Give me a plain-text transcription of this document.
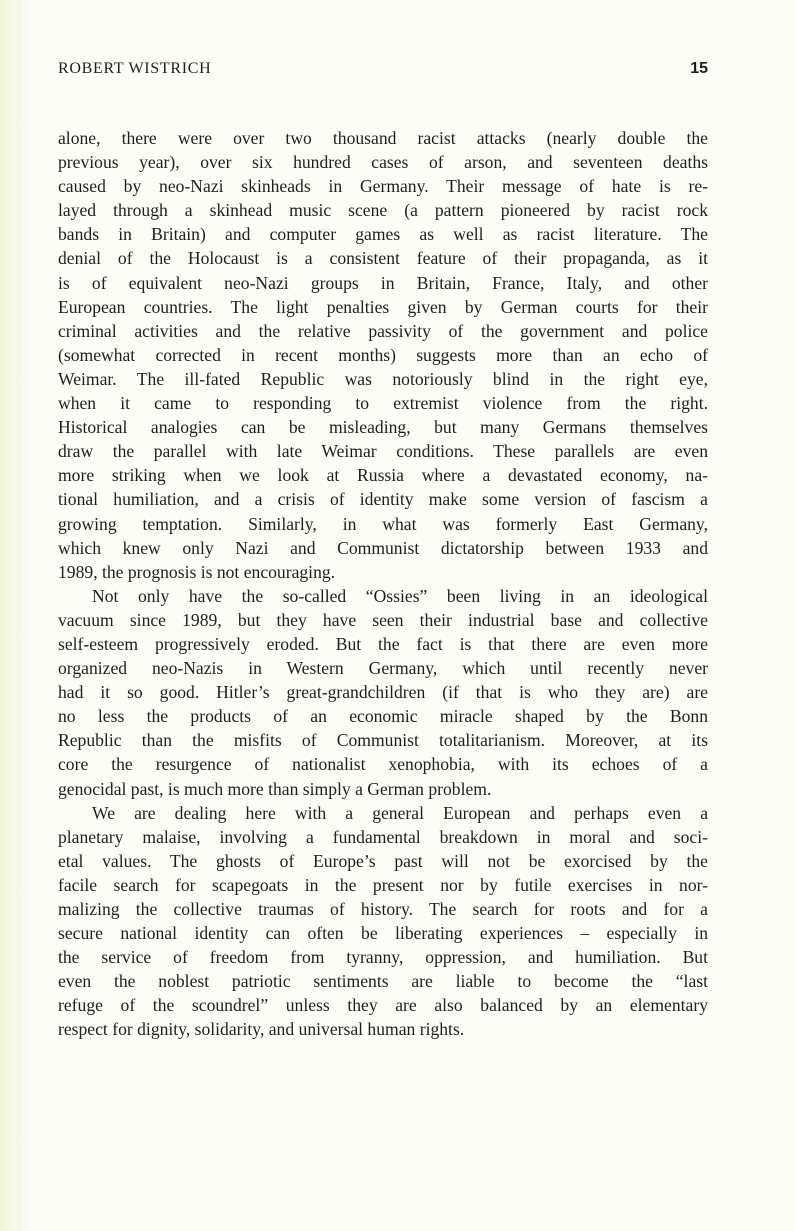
ROBERT WISTRICH	15
alone, there were over two thousand racist attacks (nearly double the
previous year), over six hundred cases of arson, and seventeen deaths
caused by neo-Nazi skinheads in Germany. Their message of hate is re-
layed through a skinhead music scene (a pattern pioneered by racist rock
bands in Britain) and computer games as well as racist literature. The
denial of the Holocaust is a consistent feature of their propaganda, as it
is of equivalent neo-Nazi groups in Britain, France, Italy, and other
European countries. The light penalties given by German courts for their
criminal activities and the relative passivity of the government and police
(somewhat corrected in recent months) suggests more than an echo of
Weimar. The ill-fated Republic was notoriously blind in the right eye,
when it came to responding to extremist violence from the right.
Historical analogies can be misleading, but many Germans themselves
draw the parallel with late Weimar conditions. These parallels are even
more striking when we look at Russia where a devastated economy, na-
tional humiliation, and a crisis of identity make some version of fascism a
growing temptation. Similarly, in what was formerly East Germany,
which knew only Nazi and Communist dictatorship between 1933 and
1989, the prognosis is not encouraging.
Not only have the so-called “Ossies” been living in an ideological
vacuum since 1989, but they have seen their industrial base and collective
self-esteem progressively eroded. But the fact is that there are even more
organized neo-Nazis in Western Germany, which until recently never
had it so good. Hitler’s great-grandchildren (if that is who they are) are
no less the products of an economic miracle shaped by the Bonn
Republic than the misfits of Communist totalitarianism. Moreover, at its
core the resurgence of nationalist xenophobia, with its echoes of a
genocidal past, is much more than simply a German problem.
We are dealing here with a general European and perhaps even a
planetary malaise, involving a fundamental breakdown in moral and soci-
etal values. The ghosts of Europe’s past will not be exorcised by the
facile search for scapegoats in the present nor by futile exercises in nor-
malizing the collective traumas of history. The search for roots and for a
secure national identity can often be liberating experiences – especially in
the service of freedom from tyranny, oppression, and humiliation. But
even the noblest patriotic sentiments are liable to become the “last
refuge of the scoundrel” unless they are also balanced by an elementary
respect for dignity, solidarity, and universal human rights.
